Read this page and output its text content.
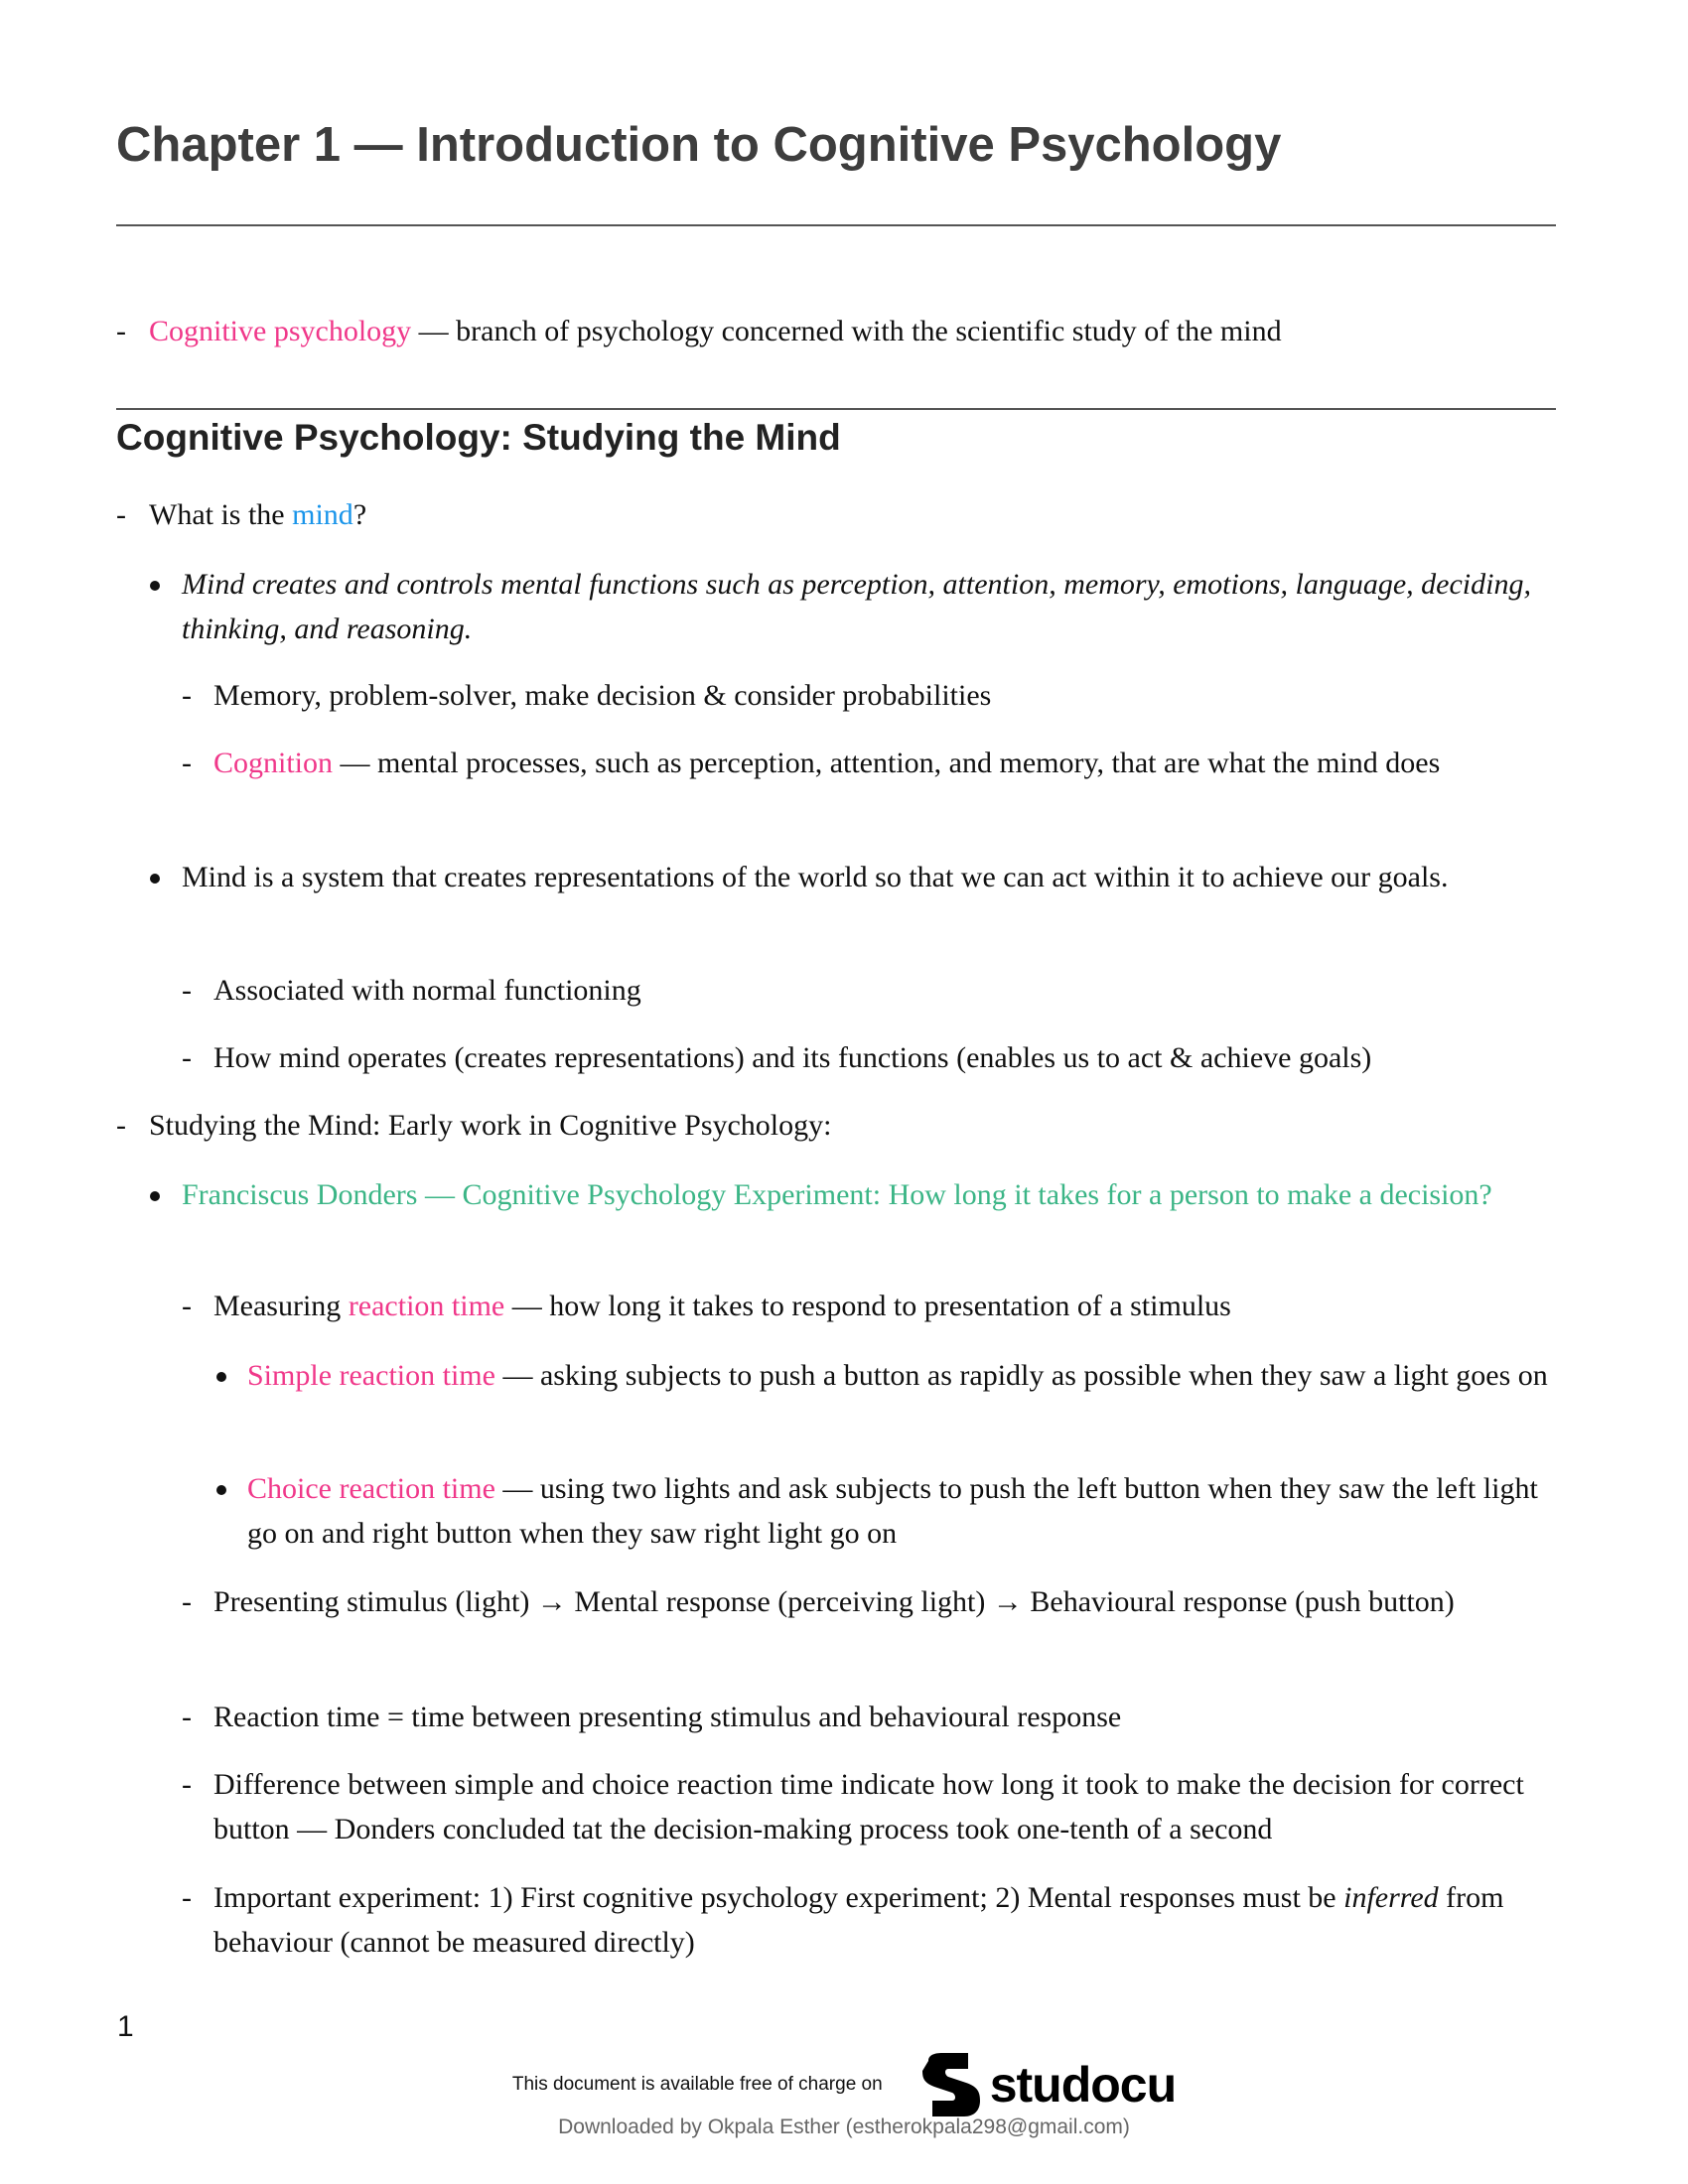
Chapter 1 — Introduction to Cognitive Psychology
- Cognitive psychology — branch of psychology concerned with the scientific study of the mind
Cognitive Psychology: Studying the Mind
- What is the mind?
Mind creates and controls mental functions such as perception, attention, memory, emotions, language, deciding, thinking, and reasoning.
- Memory, problem-solver, make decision & consider probabilities
- Cognition — mental processes, such as perception, attention, and memory, that are what the mind does
Mind is a system that creates representations of the world so that we can act within it to achieve our goals.
- Associated with normal functioning
- How mind operates (creates representations) and its functions (enables us to act & achieve goals)
- Studying the Mind: Early work in Cognitive Psychology:
Franciscus Donders — Cognitive Psychology Experiment: How long it takes for a person to make a decision?
- Measuring reaction time — how long it takes to respond to presentation of a stimulus
Simple reaction time — asking subjects to push a button as rapidly as possible when they saw a light goes on
Choice reaction time — using two lights and ask subjects to push the left button when they saw the left light go on and right button when they saw right light go on
- Presenting stimulus (light) → Mental response (perceiving light) → Behavioural response (push button)
- Reaction time = time between presenting stimulus and behavioural response
- Difference between simple and choice reaction time indicate how long it took to make the decision for correct button — Donders concluded tat the decision-making process took one-tenth of a second
- Important experiment: 1) First cognitive psychology experiment; 2) Mental responses must be inferred from behaviour (cannot be measured directly)
1
This document is available free of charge on studocu
Downloaded by Okpala Esther (estherokpala298@gmail.com)
